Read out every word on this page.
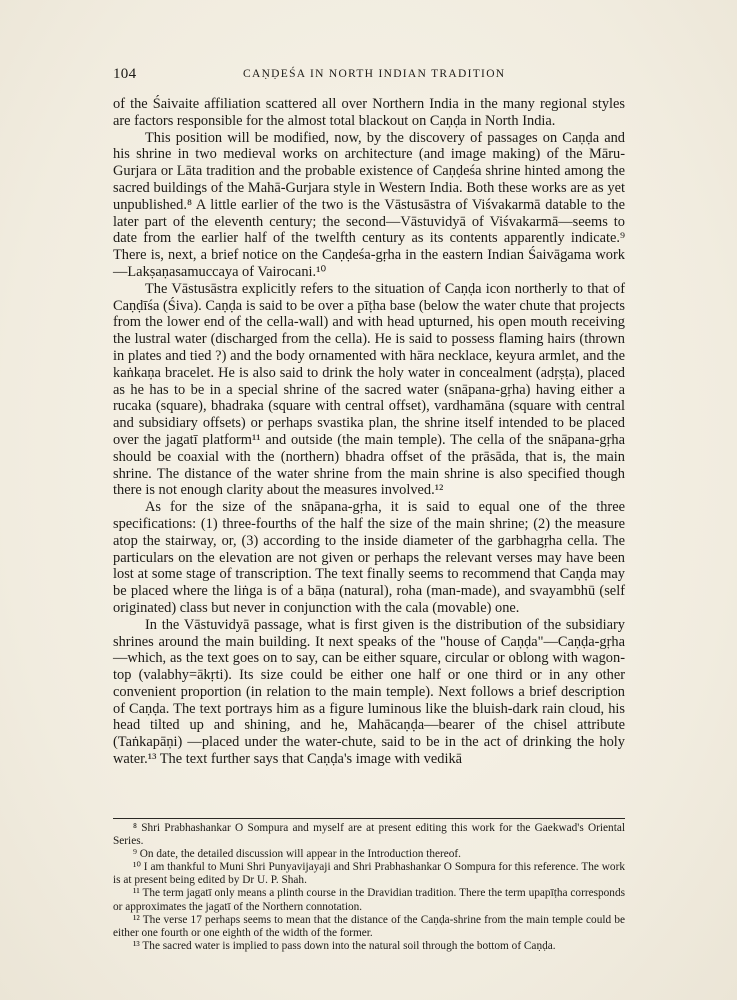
104	CAṆḌEŚA IN NORTH INDIAN TRADITION

of the Śaivaite affiliation scattered all over Northern India in the many regional styles are factors responsible for the almost total blackout on Caṇḍa in North India.

This position will be modified, now, by the discovery of passages on Caṇḍa and his shrine in two medieval works on architecture (and image making) of the Māru-Gurjara or Lāta tradition and the probable existence of Caṇḍeśa shrine hinted among the sacred buildings of the Mahā-Gurjara style in Western India. Both these works are as yet unpublished.⁸ A little earlier of the two is the Vāstusāstra of Viśvakarmā datable to the later part of the eleventh century; the second—Vāstuvidyā of Viśvakarmā—seems to date from the earlier half of the twelfth century as its contents apparently indicate.⁹ There is, next, a brief notice on the Caṇḍeśa-gṛha in the eastern Indian Śaivāgama work—Lakṣaṇasamuccaya of Vairocani.¹⁰

The Vāstusāstra explicitly refers to the situation of Caṇḍa icon northerly to that of Caṇḍīśa (Śiva). Caṇḍa is said to be over a pīṭha base (below the water chute that projects from the lower end of the cella-wall) and with head upturned, his open mouth receiving the lustral water (discharged from the cella). He is said to possess flaming hairs (thrown in plates and tied ?) and the body ornamented with hāra necklace, keyura armlet, and the kaṅkaṇa bracelet. He is also said to drink the holy water in concealment (adṛṣṭa), placed as he has to be in a special shrine of the sacred water (snāpana-gṛha) having either a rucaka (square), bhadraka (square with central offset), vardhamāna (square with central and subsidiary offsets) or perhaps svastika plan, the shrine itself intended to be placed over the jagatī platform¹¹ and outside (the main temple). The cella of the snāpana-gṛha should be coaxial with the (northern) bhadra offset of the prāsāda, that is, the main shrine. The distance of the water shrine from the main shrine is also specified though there is not enough clarity about the measures involved.¹²

As for the size of the snāpana-gṛha, it is said to equal one of the three specifications: (1) three-fourths of the half the size of the main shrine; (2) the measure atop the stairway, or, (3) according to the inside diameter of the garbhagṛha cella. The particulars on the elevation are not given or perhaps the relevant verses may have been lost at some stage of transcription. The text finally seems to recommend that Caṇḍa may be placed where the liṅga is of a bāṇa (natural), roha (man-made), and svayambhū (self originated) class but never in conjunction with the cala (movable) one.

In the Vāstuvidyā passage, what is first given is the distribution of the subsidiary shrines around the main building. It next speaks of the "house of Caṇḍa"—Caṇḍa-gṛha—which, as the text goes on to say, can be either square, circular or oblong with wagon-top (valabhy=ākṛti). Its size could be either one half or one third or in any other convenient proportion (in relation to the main temple). Next follows a brief description of Caṇḍa. The text portrays him as a figure luminous like the bluish-dark rain cloud, his head tilted up and shining, and he, Mahācaṇḍa—bearer of the chisel attribute (Taṅkapāṇi) —placed under the water-chute, said to be in the act of drinking the holy water.¹³ The text further says that Caṇḍa's image with vedikā

⁸ Shri Prabhashankar O Sompura and myself are at present editing this work for the Gaekwad's Oriental Series.

⁹ On date, the detailed discussion will appear in the Introduction thereof.

¹⁰ I am thankful to Muni Shri Punyavijayaji and Shri Prabhashankar O Sompura for this reference. The work is at present being edited by Dr U. P. Shah.

¹¹ The term jagatī only means a plinth course in the Dravidian tradition. There the term upapīṭha corresponds or approximates the jagatī of the Northern connotation.

¹² The verse 17 perhaps seems to mean that the distance of the Caṇḍa-shrine from the main temple could be either one fourth or one eighth of the width of the former.

¹³ The sacred water is implied to pass down into the natural soil through the bottom of Caṇḍa.
